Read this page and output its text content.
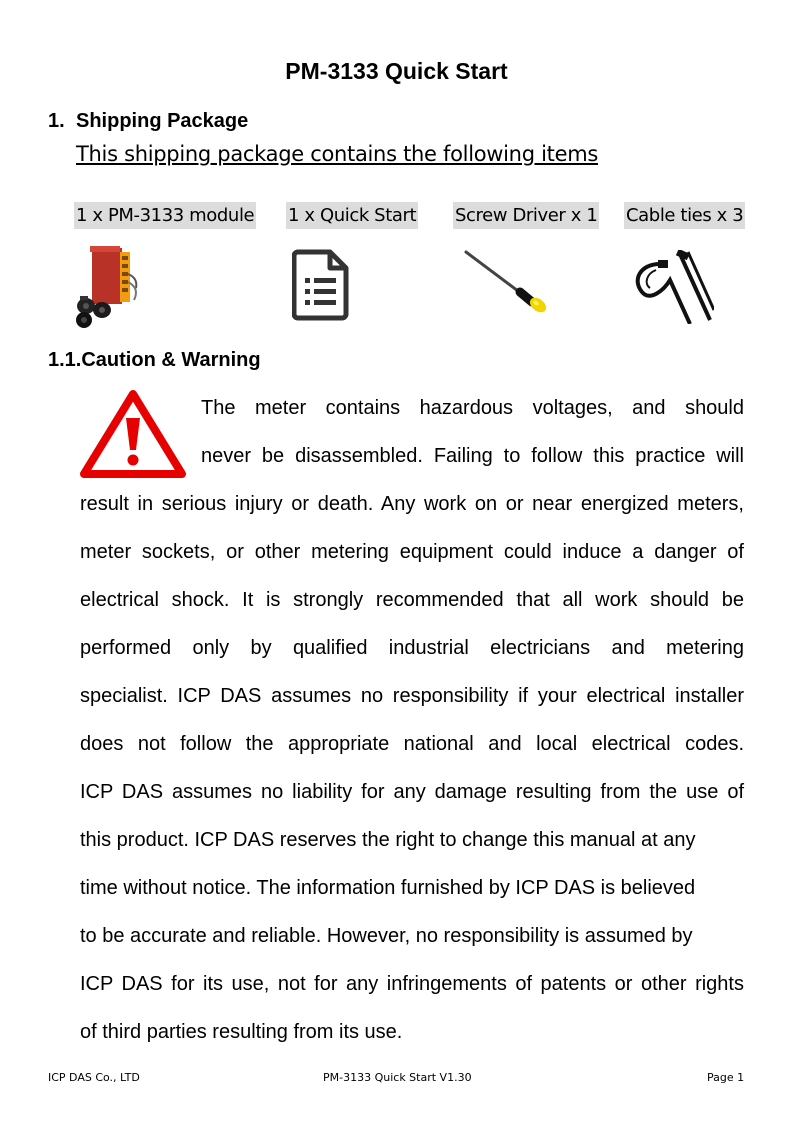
PM-3133 Quick Start
1. Shipping Package
This shipping package contains the following items
1 x PM-3133 module 1 x Quick Start Screw Driver x 1 Cable ties x 3
1.1.Caution & Warning
The meter contains hazardous voltages, and should
never be disassembled. Failing to follow this practice will
result in serious injury or death. Any work on or near energized meters,
meter sockets, or other metering equipment could induce a danger of
electrical shock. It is strongly recommended that all work should be
performed only by qualified industrial electricians and metering
specialist. ICP DAS assumes no responsibility if your electrical installer
does not follow the appropriate national and local electrical codes.
ICP DAS assumes no liability for any damage resulting from the use of
this product. ICP DAS reserves the right to change this manual at any
time without notice. The information furnished by ICP DAS is believed
to be accurate and reliable. However, no responsibility is assumed by
ICP DAS for its use, not for any infringements of patents or other rights
of third parties resulting from its use.
ICP DAS Co., LTD	PM-3133 Quick Start V1.30	Page 1
